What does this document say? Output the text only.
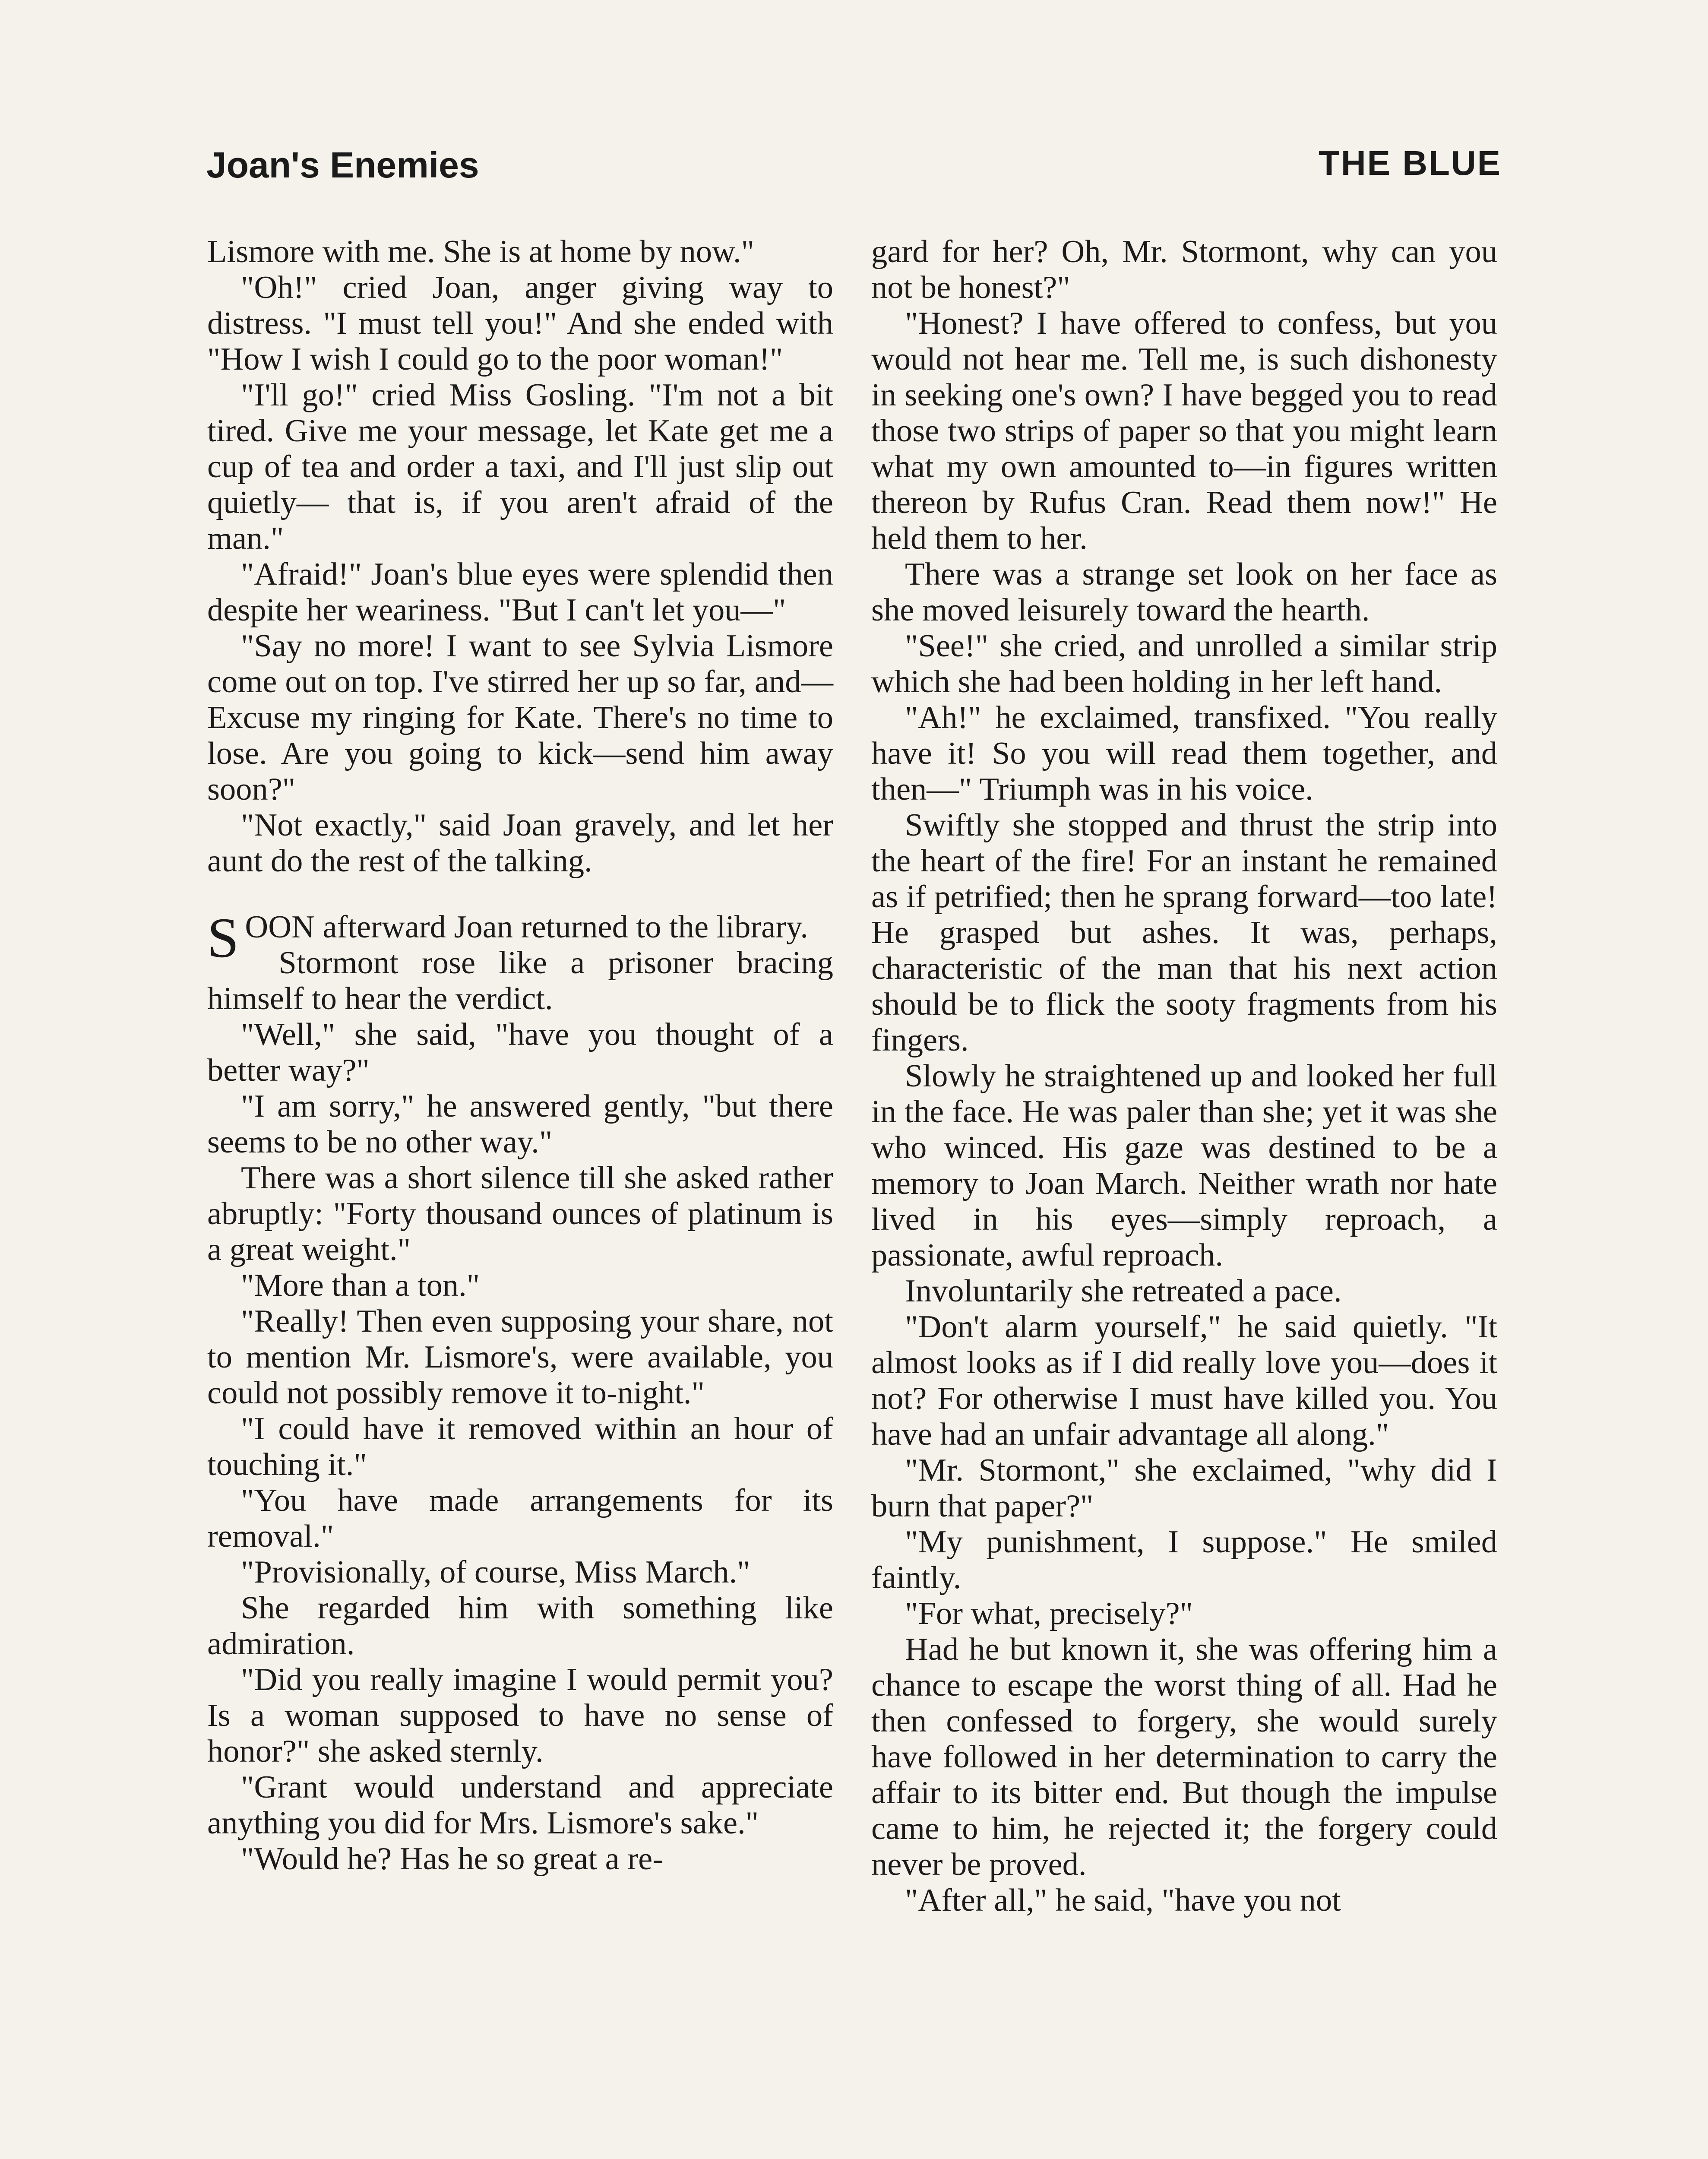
Joan's Enemies	THE BLUE

Lismore with me. She is at home by now."

"Oh!" cried Joan, anger giving way to distress. "I must tell you!" And she ended with "How I wish I could go to the poor woman!"

"I'll go!" cried Miss Gosling. "I'm not a bit tired. Give me your message, let Kate get me a cup of tea and order a taxi, and I'll just slip out quietly— that is, if you aren't afraid of the man."

"Afraid!" Joan's blue eyes were splendid then despite her weariness. "But I can't let you—"

"Say no more! I want to see Sylvia Lismore come out on top. I've stirred her up so far, and— Excuse my ringing for Kate. There's no time to lose. Are you going to kick—send him away soon?"

"Not exactly," said Joan gravely, and let her aunt do the rest of the talking.

SOON afterward Joan returned to the library.

Stormont rose like a prisoner bracing himself to hear the verdict.

"Well," she said, "have you thought of a better way?"

"I am sorry," he answered gently, "but there seems to be no other way."

There was a short silence till she asked rather abruptly: "Forty thousand ounces of platinum is a great weight."

"More than a ton."

"Really! Then even supposing your share, not to mention Mr. Lismore's, were available, you could not possibly remove it to-night."

"I could have it removed within an hour of touching it."

"You have made arrangements for its removal."

"Provisionally, of course, Miss March."

She regarded him with something like admiration.

"Did you really imagine I would permit you? Is a woman supposed to have no sense of honor?" she asked sternly.

"Grant would understand and appreciate anything you did for Mrs. Lismore's sake."

"Would he? Has he so great a re-

gard for her? Oh, Mr. Stormont, why can you not be honest?"

"Honest? I have offered to confess, but you would not hear me. Tell me, is such dishonesty in seeking one's own? I have begged you to read those two strips of paper so that you might learn what my own amounted to—in figures written thereon by Rufus Cran. Read them now!" He held them to her.

There was a strange set look on her face as she moved leisurely toward the hearth.

"See!" she cried, and unrolled a similar strip which she had been holding in her left hand.

"Ah!" he exclaimed, transfixed. "You really have it! So you will read them together, and then—" Triumph was in his voice.

Swiftly she stopped and thrust the strip into the heart of the fire! For an instant he remained as if petrified; then he sprang forward—too late! He grasped but ashes. It was, perhaps, characteristic of the man that his next action should be to flick the sooty fragments from his fingers.

Slowly he straightened up and looked her full in the face. He was paler than she; yet it was she who winced. His gaze was destined to be a memory to Joan March. Neither wrath nor hate lived in his eyes—simply reproach, a passionate, awful reproach.

Involuntarily she retreated a pace.

"Don't alarm yourself," he said quietly. "It almost looks as if I did really love you—does it not? For otherwise I must have killed you. You have had an unfair advantage all along."

"Mr. Stormont," she exclaimed, "why did I burn that paper?"

"My punishment, I suppose." He smiled faintly.

"For what, precisely?"

Had he but known it, she was offering him a chance to escape the worst thing of all. Had he then confessed to forgery, she would surely have followed in her determination to carry the affair to its bitter end. But though the impulse came to him, he rejected it; the forgery could never be proved.

"After all," he said, "have you not
